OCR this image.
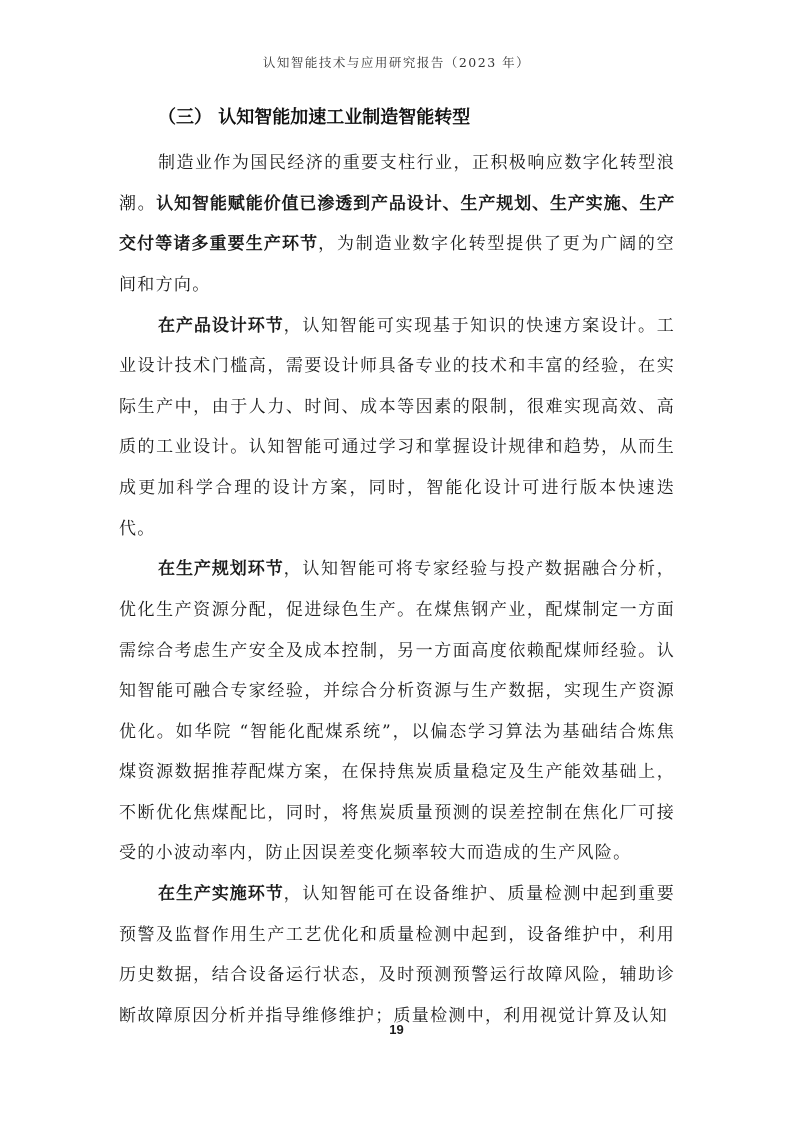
认知智能技术与应用研究报告（2023 年）
（三） 认知智能加速工业制造智能转型

制造业作为国民经济的重要支柱行业，正积极响应数字化转型浪潮。认知智能赋能价值已渗透到产品设计、生产规划、生产实施、生产交付等诸多重要生产环节，为制造业数字化转型提供了更为广阔的空间和方向。

在产品设计环节，认知智能可实现基于知识的快速方案设计。工业设计技术门槛高，需要设计师具备专业的技术和丰富的经验，在实际生产中，由于人力、时间、成本等因素的限制，很难实现高效、高质的工业设计。认知智能可通过学习和掌握设计规律和趋势，从而生成更加科学合理的设计方案，同时，智能化设计可进行版本快速迭代。

在生产规划环节，认知智能可将专家经验与投产数据融合分析，优化生产资源分配，促进绿色生产。在煤焦钢产业，配煤制定一方面需综合考虑生产安全及成本控制，另一方面高度依赖配煤师经验。认知智能可融合专家经验，并综合分析资源与生产数据，实现生产资源优化。如华院 “智能化配煤系统”，以偏态学习算法为基础结合炼焦煤资源数据推荐配煤方案，在保持焦炭质量稳定及生产能效基础上，不断优化焦煤配比，同时，将焦炭质量预测的误差控制在焦化厂可接受的小波动率内，防止因误差变化频率较大而造成的生产风险。

在生产实施环节，认知智能可在设备维护、质量检测中起到重要预警及监督作用生产工艺优化和质量检测中起到，设备维护中，利用历史数据，结合设备运行状态，及时预测预警运行故障风险，辅助诊断故障原因分析并指导维修维护；质量检测中，利用视觉计算及认知

19
